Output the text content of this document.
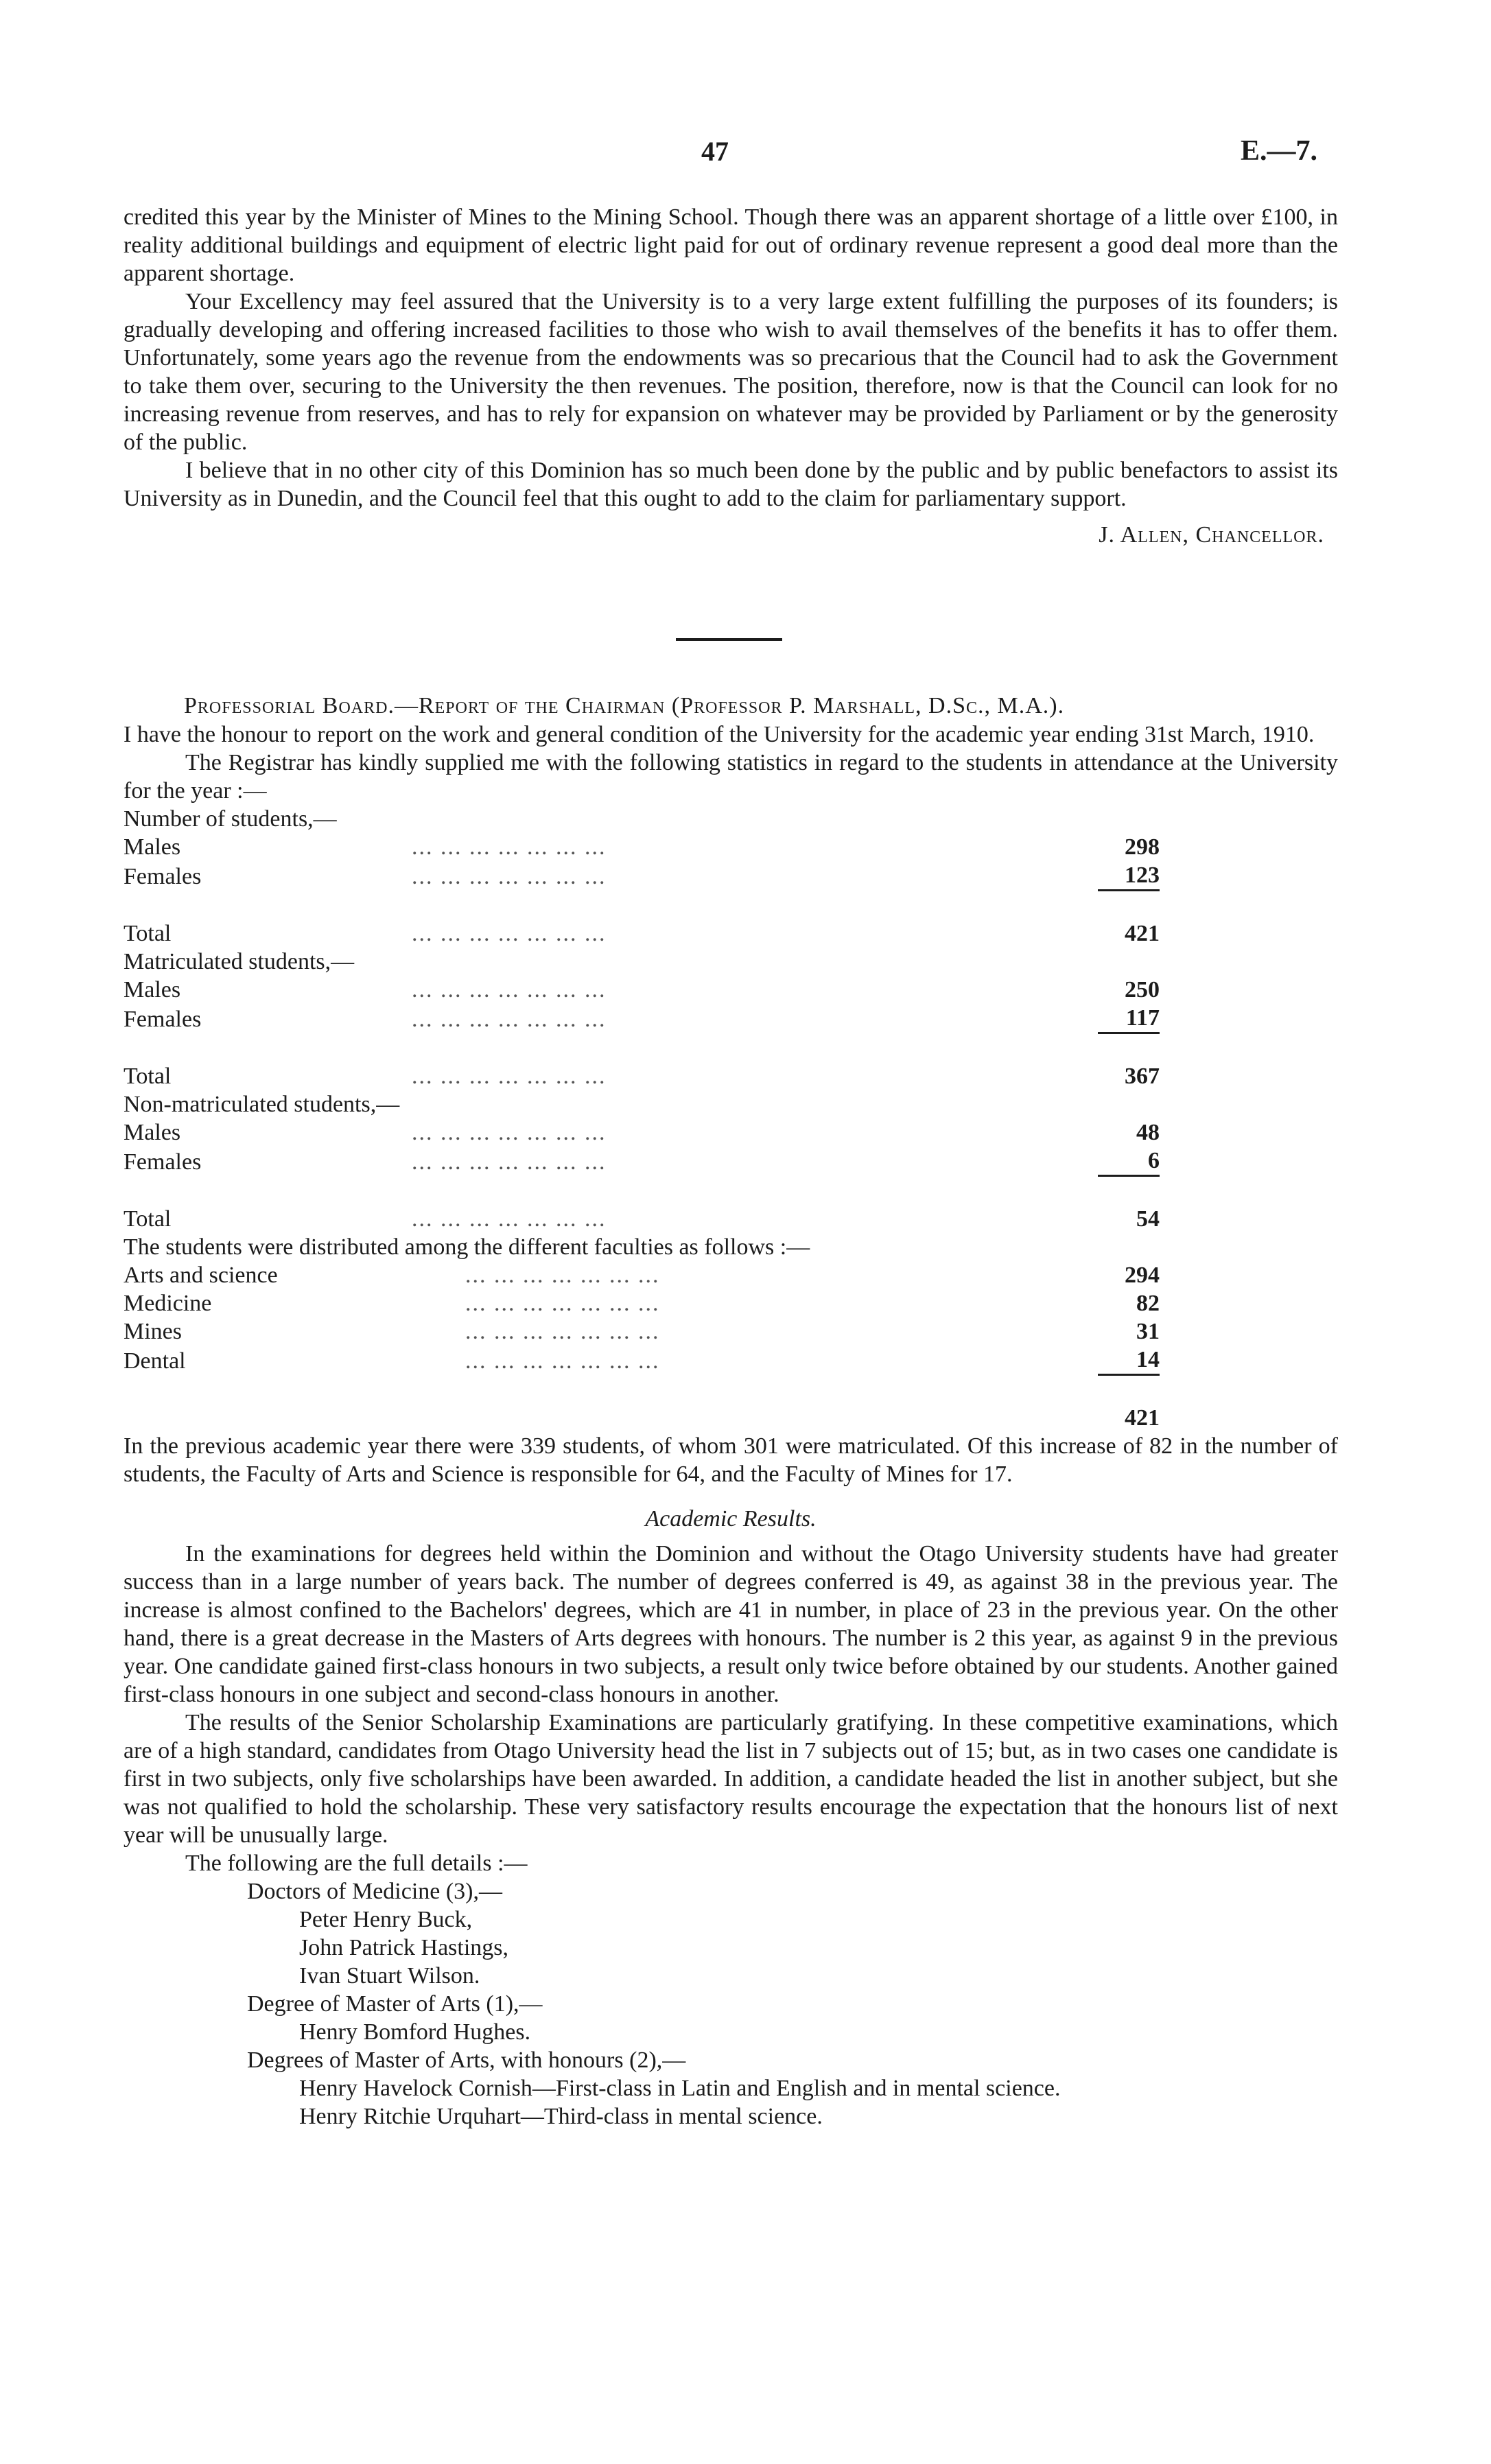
47	E.—7.

credited this year by the Minister of Mines to the Mining School. Though there was an apparent shortage of a little over £100, in reality additional buildings and equipment of electric light paid for out of ordinary revenue represent a good deal more than the apparent shortage.

Your Excellency may feel assured that the University is to a very large extent fulfilling the purposes of its founders; is gradually developing and offering increased facilities to those who wish to avail themselves of the benefits it has to offer them. Unfortunately, some years ago the revenue from the endowments was so precarious that the Council had to ask the Government to take them over, securing to the University the then revenues. The position, therefore, now is that the Council can look for no increasing revenue from reserves, and has to rely for expansion on whatever may be provided by Parliament or by the generosity of the public.

I believe that in no other city of this Dominion has so much been done by the public and by public benefactors to assist its University as in Dunedin, and the Council feel that this ought to add to the claim for parliamentary support.

J. Allen, Chancellor.

Professorial Board.—Report of the Chairman (Professor P. Marshall, D.Sc., M.A.).

I have the honour to report on the work and general condition of the University for the academic year ending 31st March, 1910.

The Registrar has kindly supplied me with the following statistics in regard to the students in attendance at the University for the year :—

Number of students,—		
Males	... ... ... ... ... ... ...	298
Females	... ... ... ... ... ... ...	123

Total	... ... ... ... ... ... ...	421
Matriculated students,—		
Males	... ... ... ... ... ... ...	250
Females	... ... ... ... ... ... ...	117

Total	... ... ... ... ... ... ...	367
Non-matriculated students,—		
Males	... ... ... ... ... ... ...	48
Females	... ... ... ... ... ... ...	6

Total	... ... ... ... ... ... ...	54

The students were distributed among the different faculties as follows :—

Arts and science	... ... ... ... ... ... ...	294
Medicine	... ... ... ... ... ... ...	82
Mines	... ... ... ... ... ... ...	31
Dental	... ... ... ... ... ... ...	14

		421

In the previous academic year there were 339 students, of whom 301 were matriculated. Of this increase of 82 in the number of students, the Faculty of Arts and Science is responsible for 64, and the Faculty of Mines for 17.

Academic Results.

In the examinations for degrees held within the Dominion and without the Otago University students have had greater success than in a large number of years back. The number of degrees conferred is 49, as against 38 in the previous year. The increase is almost confined to the Bachelors' degrees, which are 41 in number, in place of 23 in the previous year. On the other hand, there is a great decrease in the Masters of Arts degrees with honours. The number is 2 this year, as against 9 in the previous year. One candidate gained first-class honours in two subjects, a result only twice before obtained by our students. Another gained first-class honours in one subject and second-class honours in another.

The results of the Senior Scholarship Examinations are particularly gratifying. In these competitive examinations, which are of a high standard, candidates from Otago University head the list in 7 subjects out of 15; but, as in two cases one candidate is first in two subjects, only five scholarships have been awarded. In addition, a candidate headed the list in another subject, but she was not qualified to hold the scholarship. These very satisfactory results encourage the expectation that the honours list of next year will be unusually large.

The following are the full details :—

Doctors of Medicine (3),—
Peter Henry Buck,
John Patrick Hastings,
Ivan Stuart Wilson.
Degree of Master of Arts (1),—
Henry Bomford Hughes.
Degrees of Master of Arts, with honours (2),—
Henry Havelock Cornish—First-class in Latin and English and in mental science.
Henry Ritchie Urquhart—Third-class in mental science.
